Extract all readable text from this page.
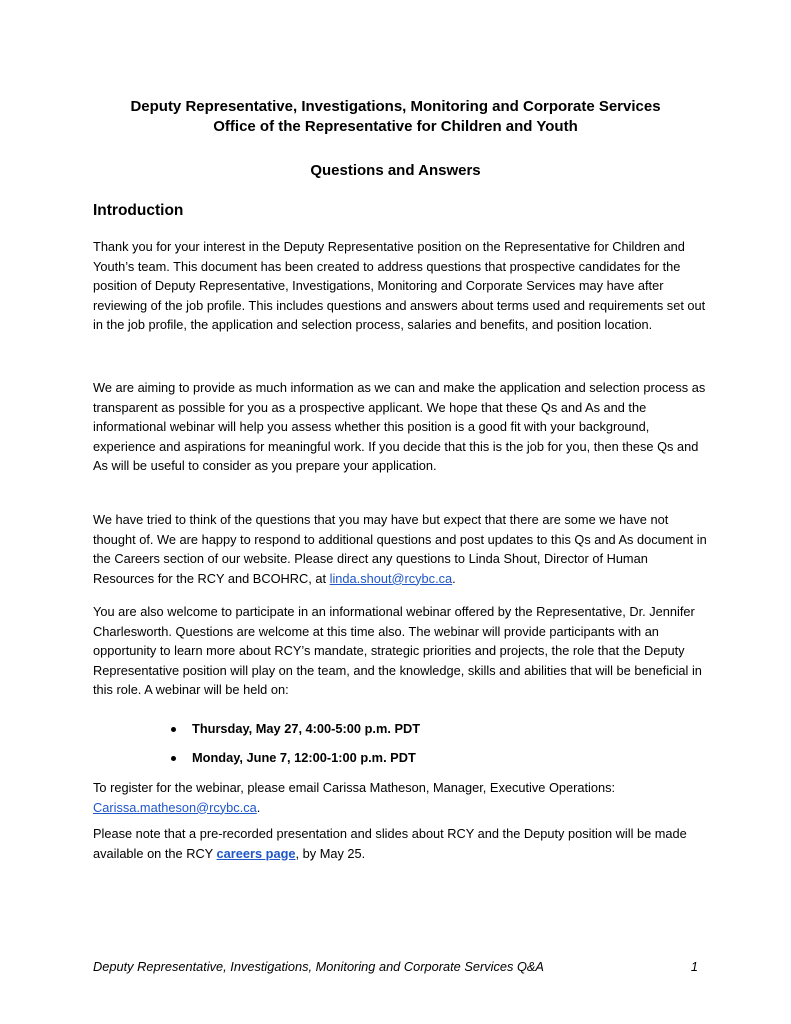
Deputy Representative, Investigations, Monitoring and Corporate Services
Office of the Representative for Children and Youth
Questions and Answers
Introduction

Thank you for your interest in the Deputy Representative position on the Representative for Children and Youth’s team. This document has been created to address questions that prospective candidates for the position of Deputy Representative, Investigations, Monitoring and Corporate Services may have after reviewing of the job profile. This includes questions and answers about terms used and requirements set out in the job profile, the application and selection process, salaries and benefits, and position location.

We are aiming to provide as much information as we can and make the application and selection process as transparent as possible for you as a prospective applicant. We hope that these Qs and As and the informational webinar will help you assess whether this position is a good fit with your background, experience and aspirations for meaningful work. If you decide that this is the job for you, then these Qs and As will be useful to consider as you prepare your application.

We have tried to think of the questions that you may have but expect that there are some we have not thought of. We are happy to respond to additional questions and post updates to this Qs and As document in the Careers section of our website. Please direct any questions to Linda Shout, Director of Human Resources for the RCY and BCOHRC, at linda.shout@rcybc.ca.

You are also welcome to participate in an informational webinar offered by the Representative, Dr. Jennifer Charlesworth. Questions are welcome at this time also. The webinar will provide participants with an opportunity to learn more about RCY’s mandate, strategic priorities and projects, the role that the Deputy Representative position will play on the team, and the knowledge, skills and abilities that will be beneficial in this role. A webinar will be held on:

Thursday, May 27, 4:00-5:00 p.m. PDT
Monday, June 7, 12:00-1:00 p.m. PDT

To register for the webinar, please email Carissa Matheson, Manager, Executive Operations: Carissa.matheson@rcybc.ca.

Please note that a pre-recorded presentation and slides about RCY and the Deputy position will be made available on the RCY careers page, by May 25.

Deputy Representative, Investigations, Monitoring and Corporate Services Q&A	1
